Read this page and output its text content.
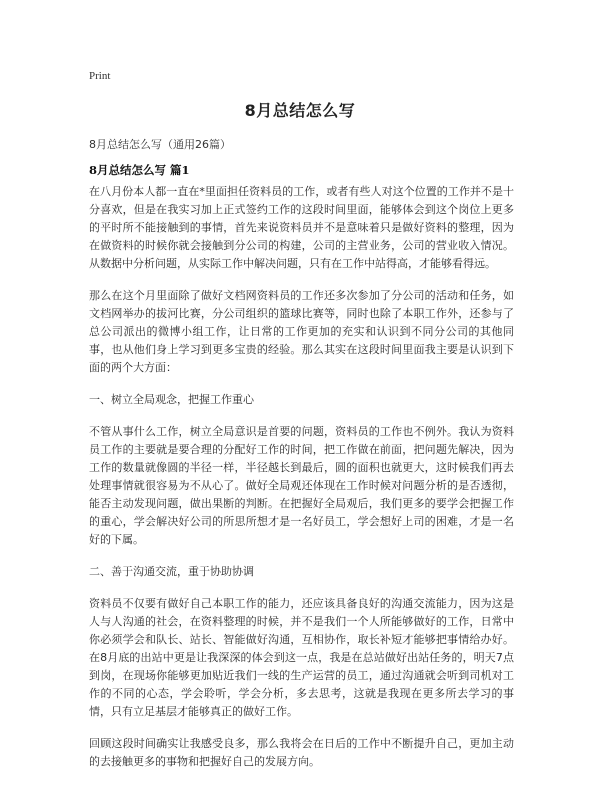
Print
8月总结怎么写
8月总结怎么写（通用26篇）
8月总结怎么写 篇1

在八月份本人都一直在*里面担任资料员的工作，或者有些人对这个位置的工作并不是十分喜欢，但是在我实习加上正式签约工作的这段时间里面，能够体会到这个岗位上更多的平时所不能接触到的事情，首先来说资料员并不是意味着只是做好资料的整理，因为在做资料的时候你就会接触到分公司的构建，公司的主营业务，公司的营业收入情况。从数据中分析问题，从实际工作中解决问题，只有在工作中站得高，才能够看得远。

那么在这个月里面除了做好文档网资料员的工作还多次参加了分公司的活动和任务，如文档网举办的拔河比赛，分公司组织的篮球比赛等，同时也除了本职工作外，还参与了总公司派出的微博小组工作，让日常的工作更加的充实和认识到不同分公司的其他同事，也从他们身上学习到更多宝贵的经验。那么其实在这段时间里面我主要是认识到下面的两个大方面：

一、树立全局观念，把握工作重心

不管从事什么工作，树立全局意识是首要的问题，资料员的工作也不例外。我认为资料员工作的主要就是要合理的分配好工作的时间，把工作做在前面，把问题先解决，因为工作的数量就像圆的半径一样，半径越长到最后，圆的面积也就更大，这时候我们再去处理事情就很容易为不从心了。做好全局观还体现在工作时候对问题分析的是否透彻，能否主动发现问题，做出果断的判断。在把握好全局观后，我们更多的要学会把握工作的重心，学会解决好公司的所思所想才是一名好员工，学会想好上司的困难，才是一名好的下属。

二、善于沟通交流，重于协助协调

资料员不仅要有做好自己本职工作的能力，还应该具备良好的沟通交流能力，因为这是人与人沟通的社会，在资料整理的时候，并不是我们一个人所能够做好的工作，日常中你必须学会和队长、站长、智能做好沟通，互相协作，取长补短才能够把事情给办好。在8月底的出站中更是让我深深的体会到这一点，我是在总站做好出站任务的，明天7点到岗，在现场你能够更加贴近我们一线的生产运营的员工，通过沟通就会听到司机对工作的不同的心态，学会聆听，学会分析，多去思考，这就是我现在更多所去学习的事情，只有立足基层才能够真正的做好工作。

回顾这段时间确实让我感受良多，那么我将会在日后的工作中不断提升自己，更加主动的去接触更多的事物和把握好自己的发展方向。
